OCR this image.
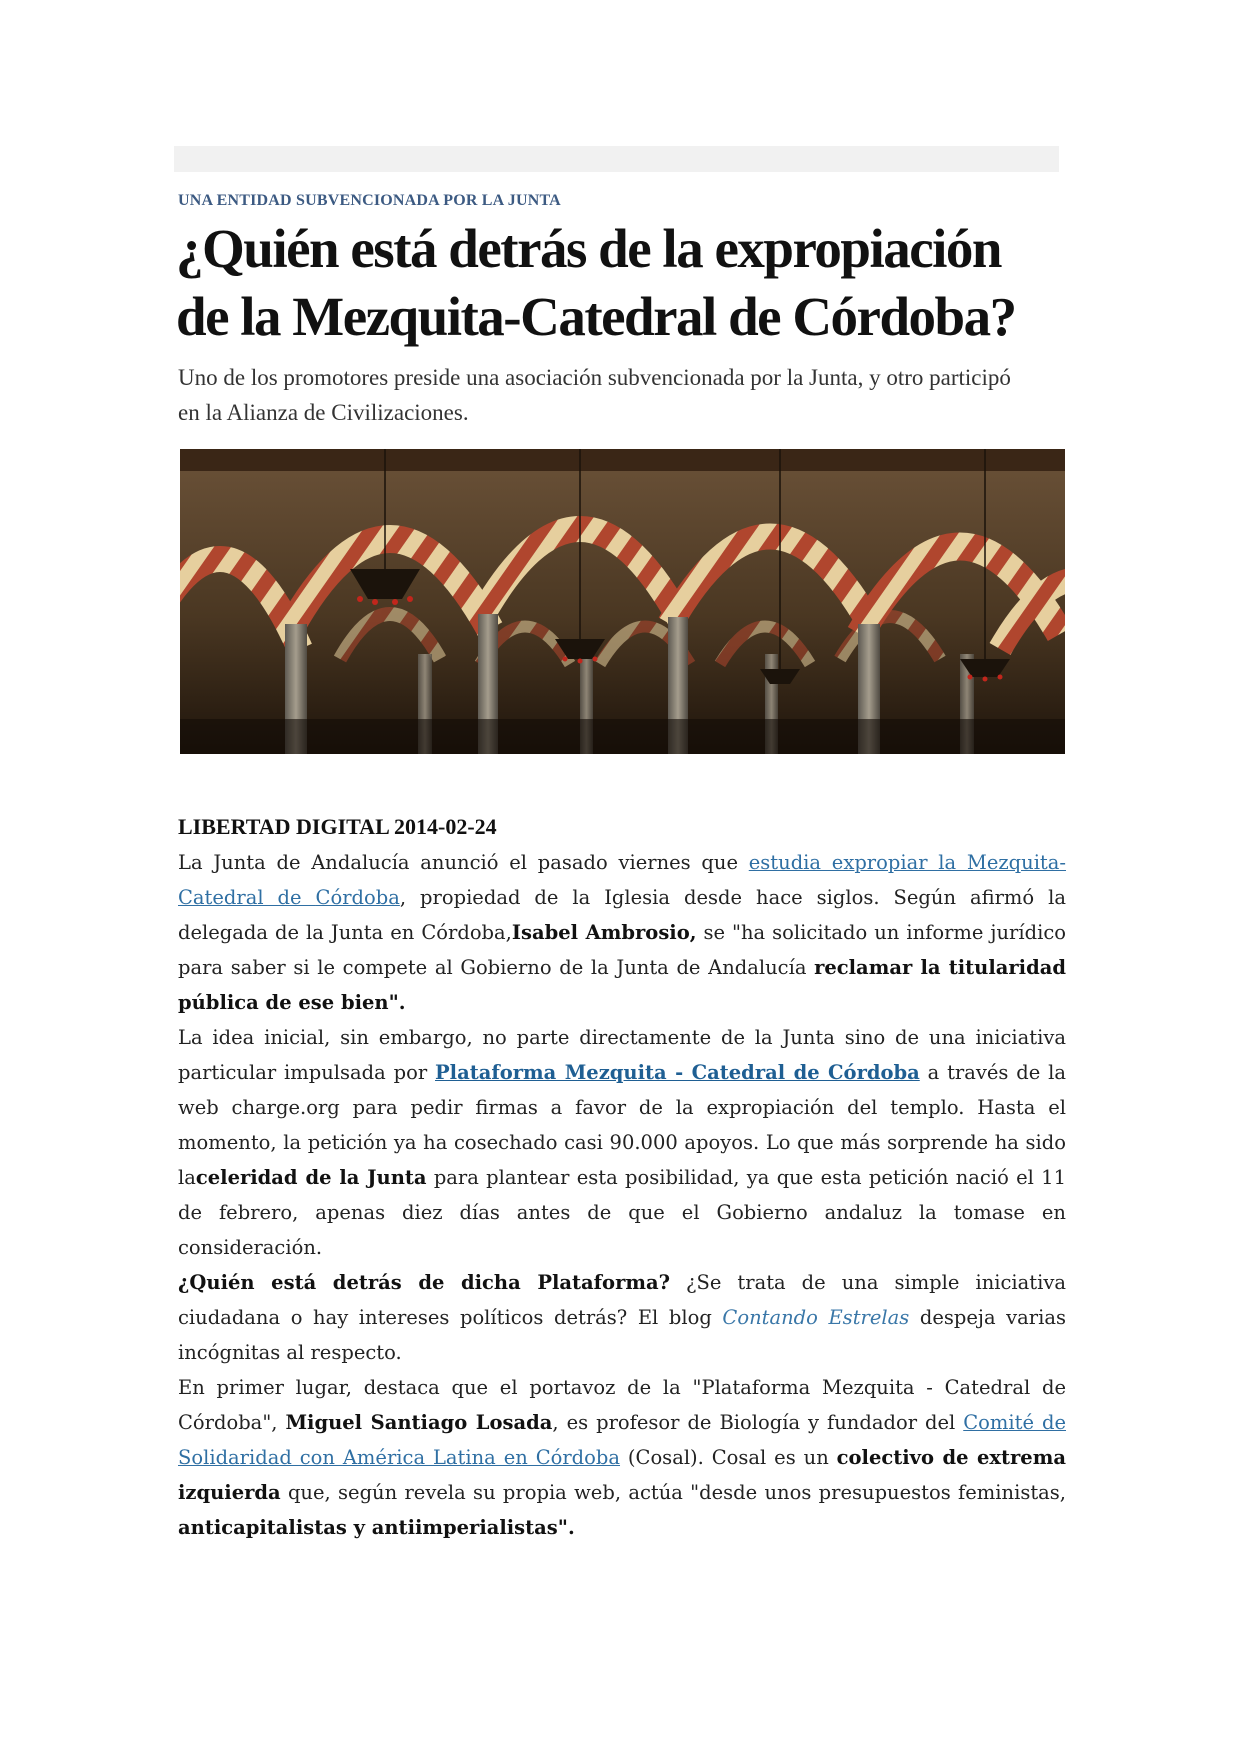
UNA ENTIDAD SUBVENCIONADA POR LA JUNTA
¿Quién está detrás de la expropiación
de la Mezquita-Catedral de Córdoba?

Uno de los promotores preside una asociación subvencionada por la Junta, y otro participó en la Alianza de Civilizaciones.

LIBERTAD DIGITAL 2014-02-24

La Junta de Andalucía anunció el pasado viernes que estudia expropiar la Mezquita-Catedral de Córdoba, propiedad de la Iglesia desde hace siglos. Según afirmó la delegada de la Junta en Córdoba,Isabel Ambrosio, se "ha solicitado un informe jurídico para saber si le compete al Gobierno de la Junta de Andalucía reclamar la titularidad pública de ese bien".

La idea inicial, sin embargo, no parte directamente de la Junta sino de una iniciativa particular impulsada por Plataforma Mezquita - Catedral de Córdoba a través de la web charge.org para pedir firmas a favor de la expropiación del templo. Hasta el momento, la petición ya ha cosechado casi 90.000 apoyos. Lo que más sorprende ha sido laceleridad de la Junta para plantear esta posibilidad, ya que esta petición nació el 11 de febrero, apenas diez días antes de que el Gobierno andaluz la tomase en consideración.

¿Quién está detrás de dicha Plataforma? ¿Se trata de una simple iniciativa ciudadana o hay intereses políticos detrás? El blog Contando Estrelas despeja varias incógnitas al respecto.

En primer lugar, destaca que el portavoz de la "Plataforma Mezquita - Catedral de Córdoba", Miguel Santiago Losada, es profesor de Biología y fundador del Comité de Solidaridad con América Latina en Córdoba (Cosal). Cosal es un colectivo de extrema izquierda que, según revela su propia web, actúa "desde unos presupuestos feministas, anticapitalistas y antiimperialistas".
